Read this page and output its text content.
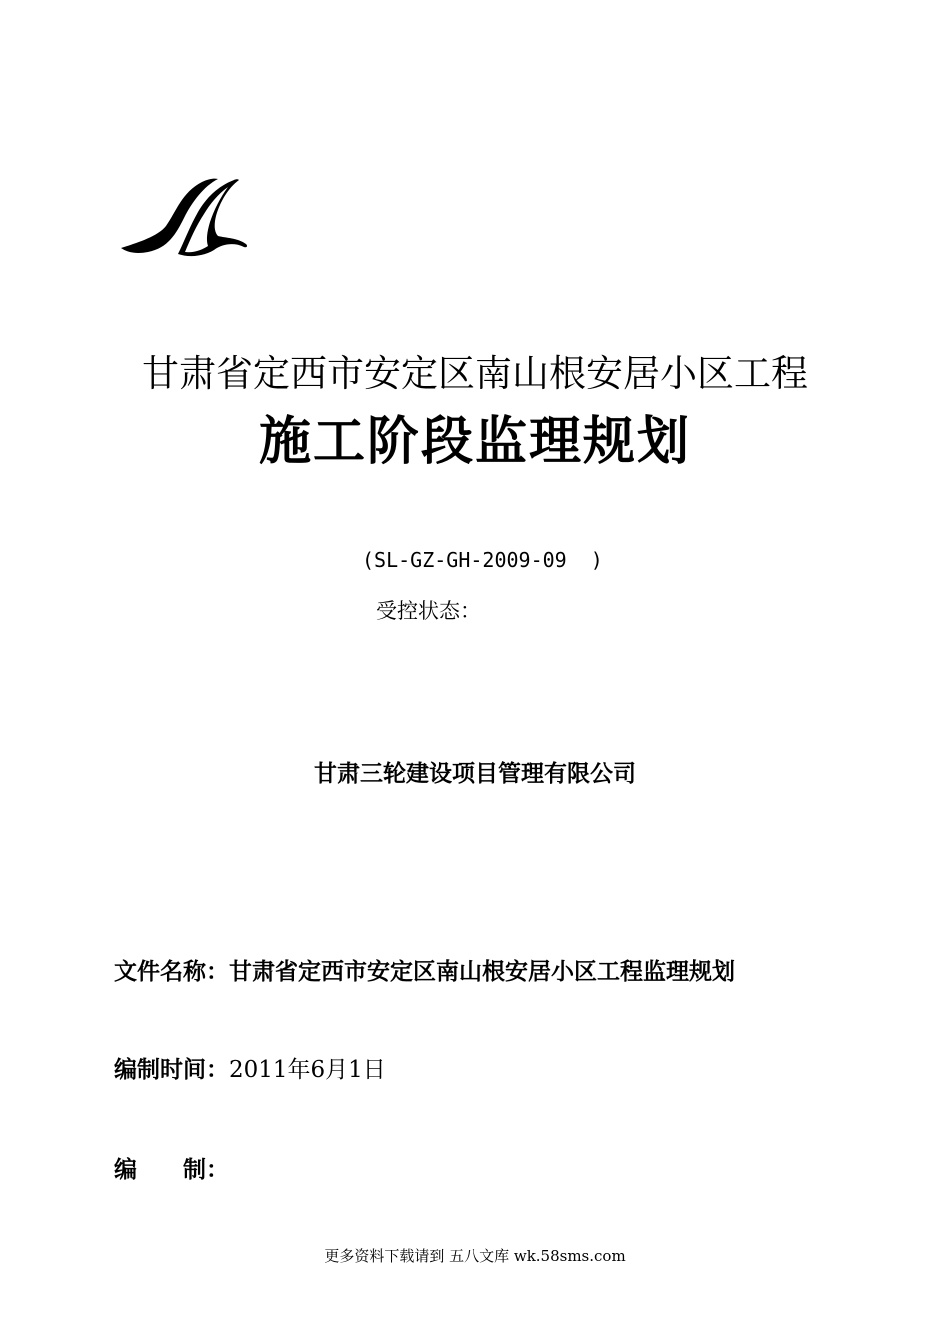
甘肃省定西市安定区南山根安居小区工程
施工阶段监理规划
(SL-GZ-GH-2009-09  )
受控状态：
甘肃三轮建设项目管理有限公司
文件名称：甘肃省定西市安定区南山根安居小区工程监理规划
编制时间：2011年6月1日
编　　制：
更多资料下载请到 五八文库 wk.58sms.com
